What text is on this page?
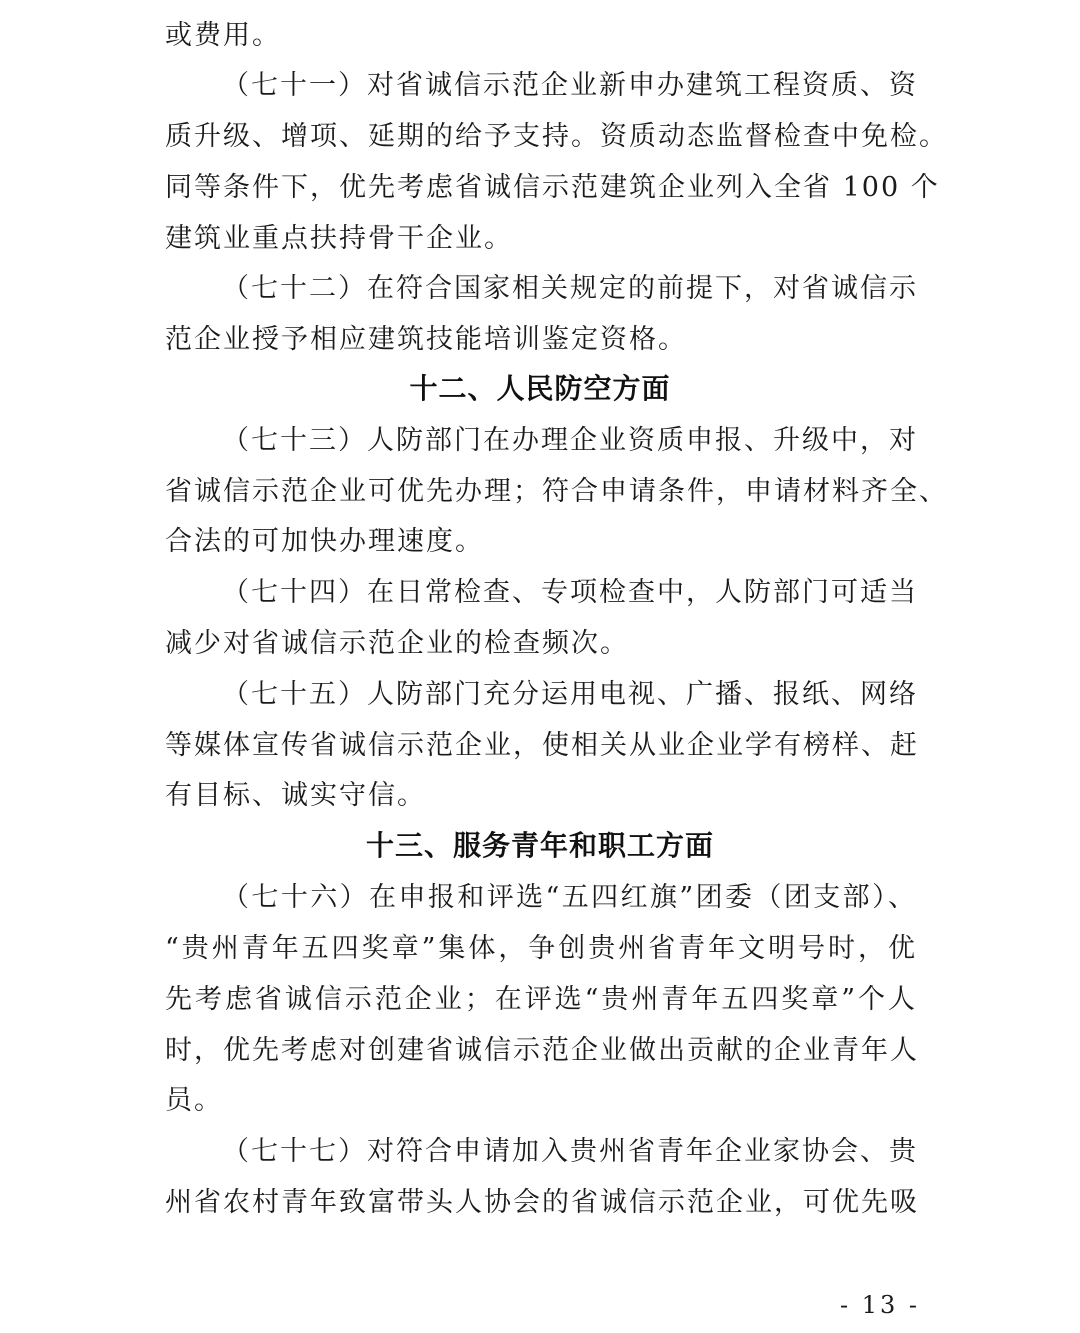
或费用。
（七十一）对省诚信示范企业新申办建筑工程资质、资
质升级、增项、延期的给予支持。资质动态监督检查中免检。
同等条件下，优先考虑省诚信示范建筑企业列入全省 100 个
建筑业重点扶持骨干企业。
（七十二）在符合国家相关规定的前提下，对省诚信示
范企业授予相应建筑技能培训鉴定资格。
十二、人民防空方面
（七十三）人防部门在办理企业资质申报、升级中，对
省诚信示范企业可优先办理；符合申请条件，申请材料齐全、
合法的可加快办理速度。
（七十四）在日常检查、专项检查中，人防部门可适当
减少对省诚信示范企业的检查频次。
（七十五）人防部门充分运用电视、广播、报纸、网络
等媒体宣传省诚信示范企业，使相关从业企业学有榜样、赶
有目标、诚实守信。
十三、服务青年和职工方面
（七十六）在申报和评选“五四红旗”团委（团支部）、
“贵州青年五四奖章”集体，争创贵州省青年文明号时，优
先考虑省诚信示范企业；在评选“贵州青年五四奖章”个人
时，优先考虑对创建省诚信示范企业做出贡献的企业青年人
员。
（七十七）对符合申请加入贵州省青年企业家协会、贵
州省农村青年致富带头人协会的省诚信示范企业，可优先吸
- 13 -
